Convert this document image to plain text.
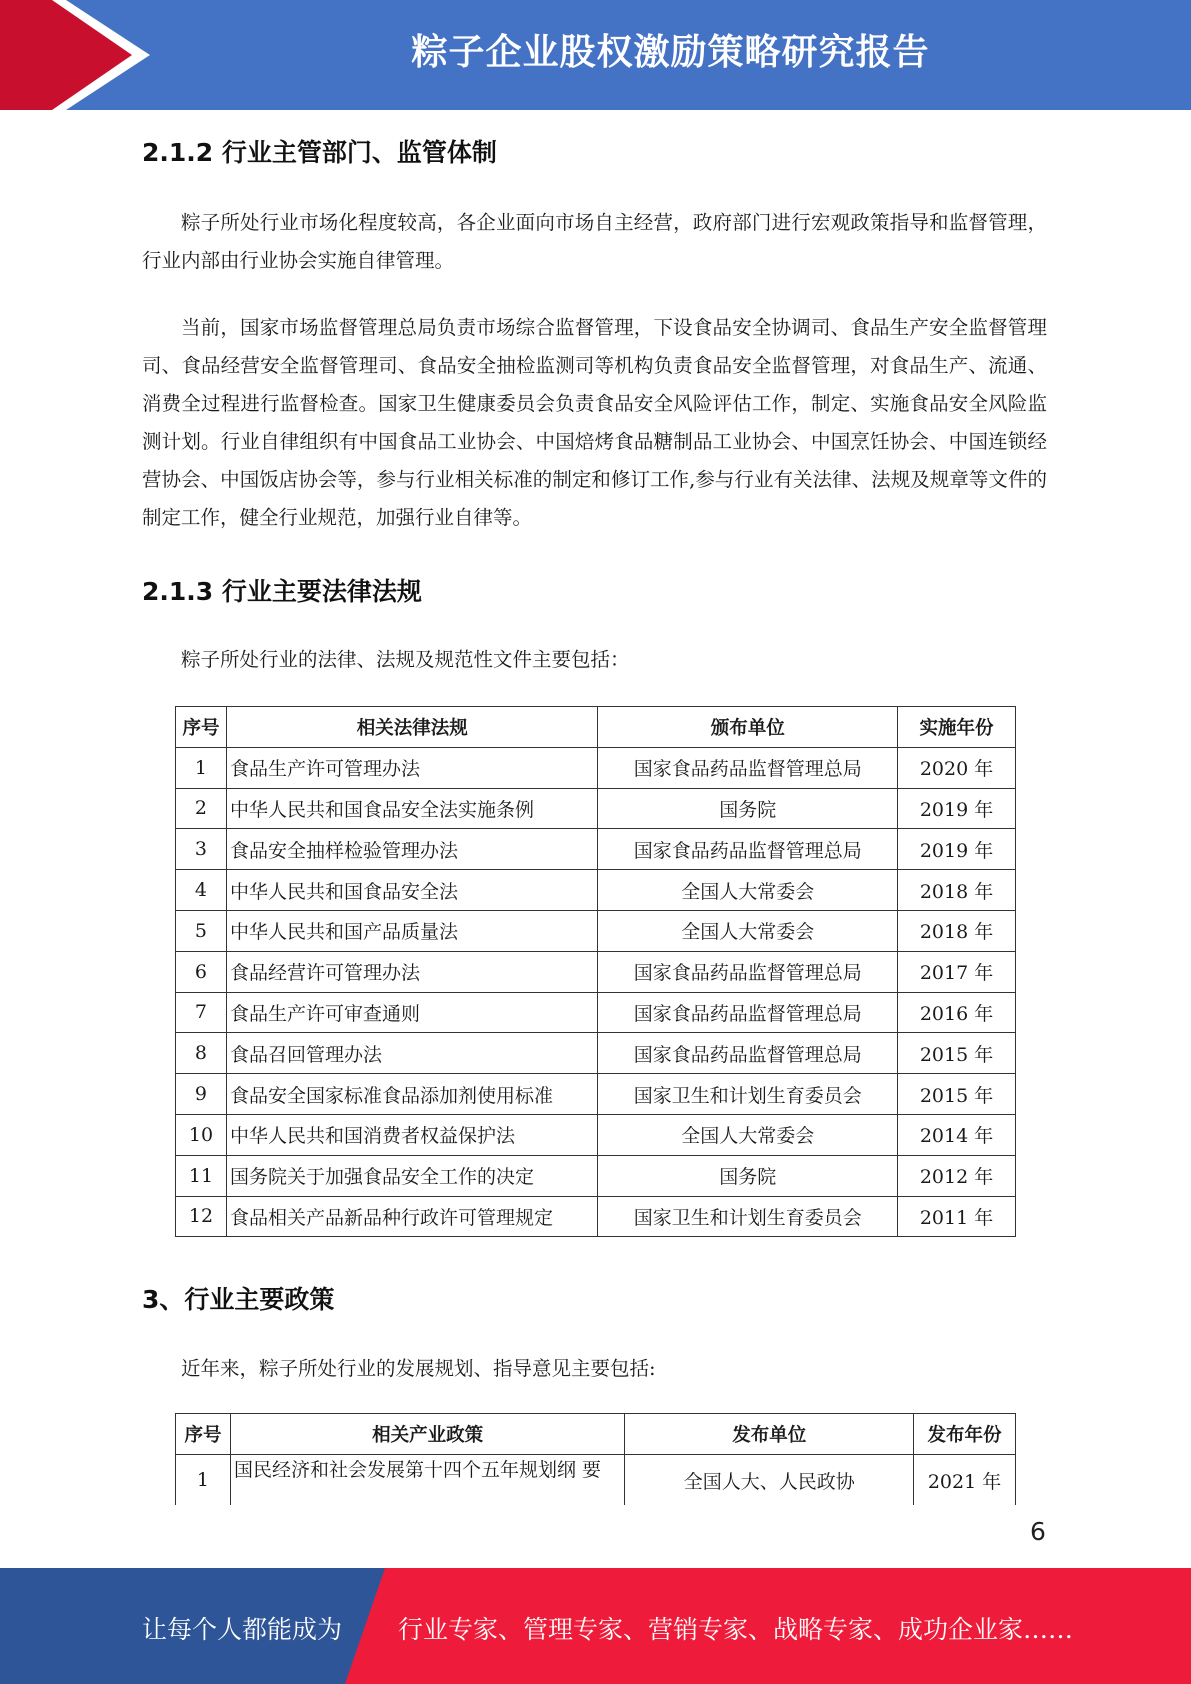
粽子企业股权激励策略研究报告
2.1.2 行业主管部门、监管体制

粽子所处行业市场化程度较高，各企业面向市场自主经营，政府部门进行宏观政策指导和监督管理，行业内部由行业协会实施自律管理。

当前，国家市场监督管理总局负责市场综合监督管理，下设食品安全协调司、食品生产安全监督管理司、食品经营安全监督管理司、食品安全抽检监测司等机构负责食品安全监督管理，对食品生产、流通、消费全过程进行监督检查。国家卫生健康委员会负责食品安全风险评估工作，制定、实施食品安全风险监测计划。行业自律组织有中国食品工业协会、中国焙烤食品糖制品工业协会、中国烹饪协会、中国连锁经营协会、中国饭店协会等，参与行业相关标准的制定和修订工作,参与行业有关法律、法规及规章等文件的制定工作，健全行业规范，加强行业自律等。

2.1.3 行业主要法律法规

粽子所处行业的法律、法规及规范性文件主要包括：

序号	相关法律法规	颁布单位	实施年份
1	食品生产许可管理办法	国家食品药品监督管理总局	2020 年
2	中华人民共和国食品安全法实施条例	国务院	2019 年
3	食品安全抽样检验管理办法	国家食品药品监督管理总局	2019 年
4	中华人民共和国食品安全法	全国人大常委会	2018 年
5	中华人民共和国产品质量法	全国人大常委会	2018 年
6	食品经营许可管理办法	国家食品药品监督管理总局	2017 年
7	食品生产许可审查通则	国家食品药品监督管理总局	2016 年
8	食品召回管理办法	国家食品药品监督管理总局	2015 年
9	食品安全国家标准食品添加剂使用标准	国家卫生和计划生育委员会	2015 年
10	中华人民共和国消费者权益保护法	全国人大常委会	2014 年
11	国务院关于加强食品安全工作的决定	国务院	2012 年
12	食品相关产品新品种行政许可管理规定	国家卫生和计划生育委员会	2011 年
3、行业主要政策

近年来，粽子所处行业的发展规划、指导意见主要包括:

序号	相关产业政策	发布单位	发布年份
1	国民经济和社会发展第十四个五年规划纲 要	全国人大、人民政协	2021 年
6
让每个人都能成为 行业专家、管理专家、营销专家、战略专家、成功企业家……
